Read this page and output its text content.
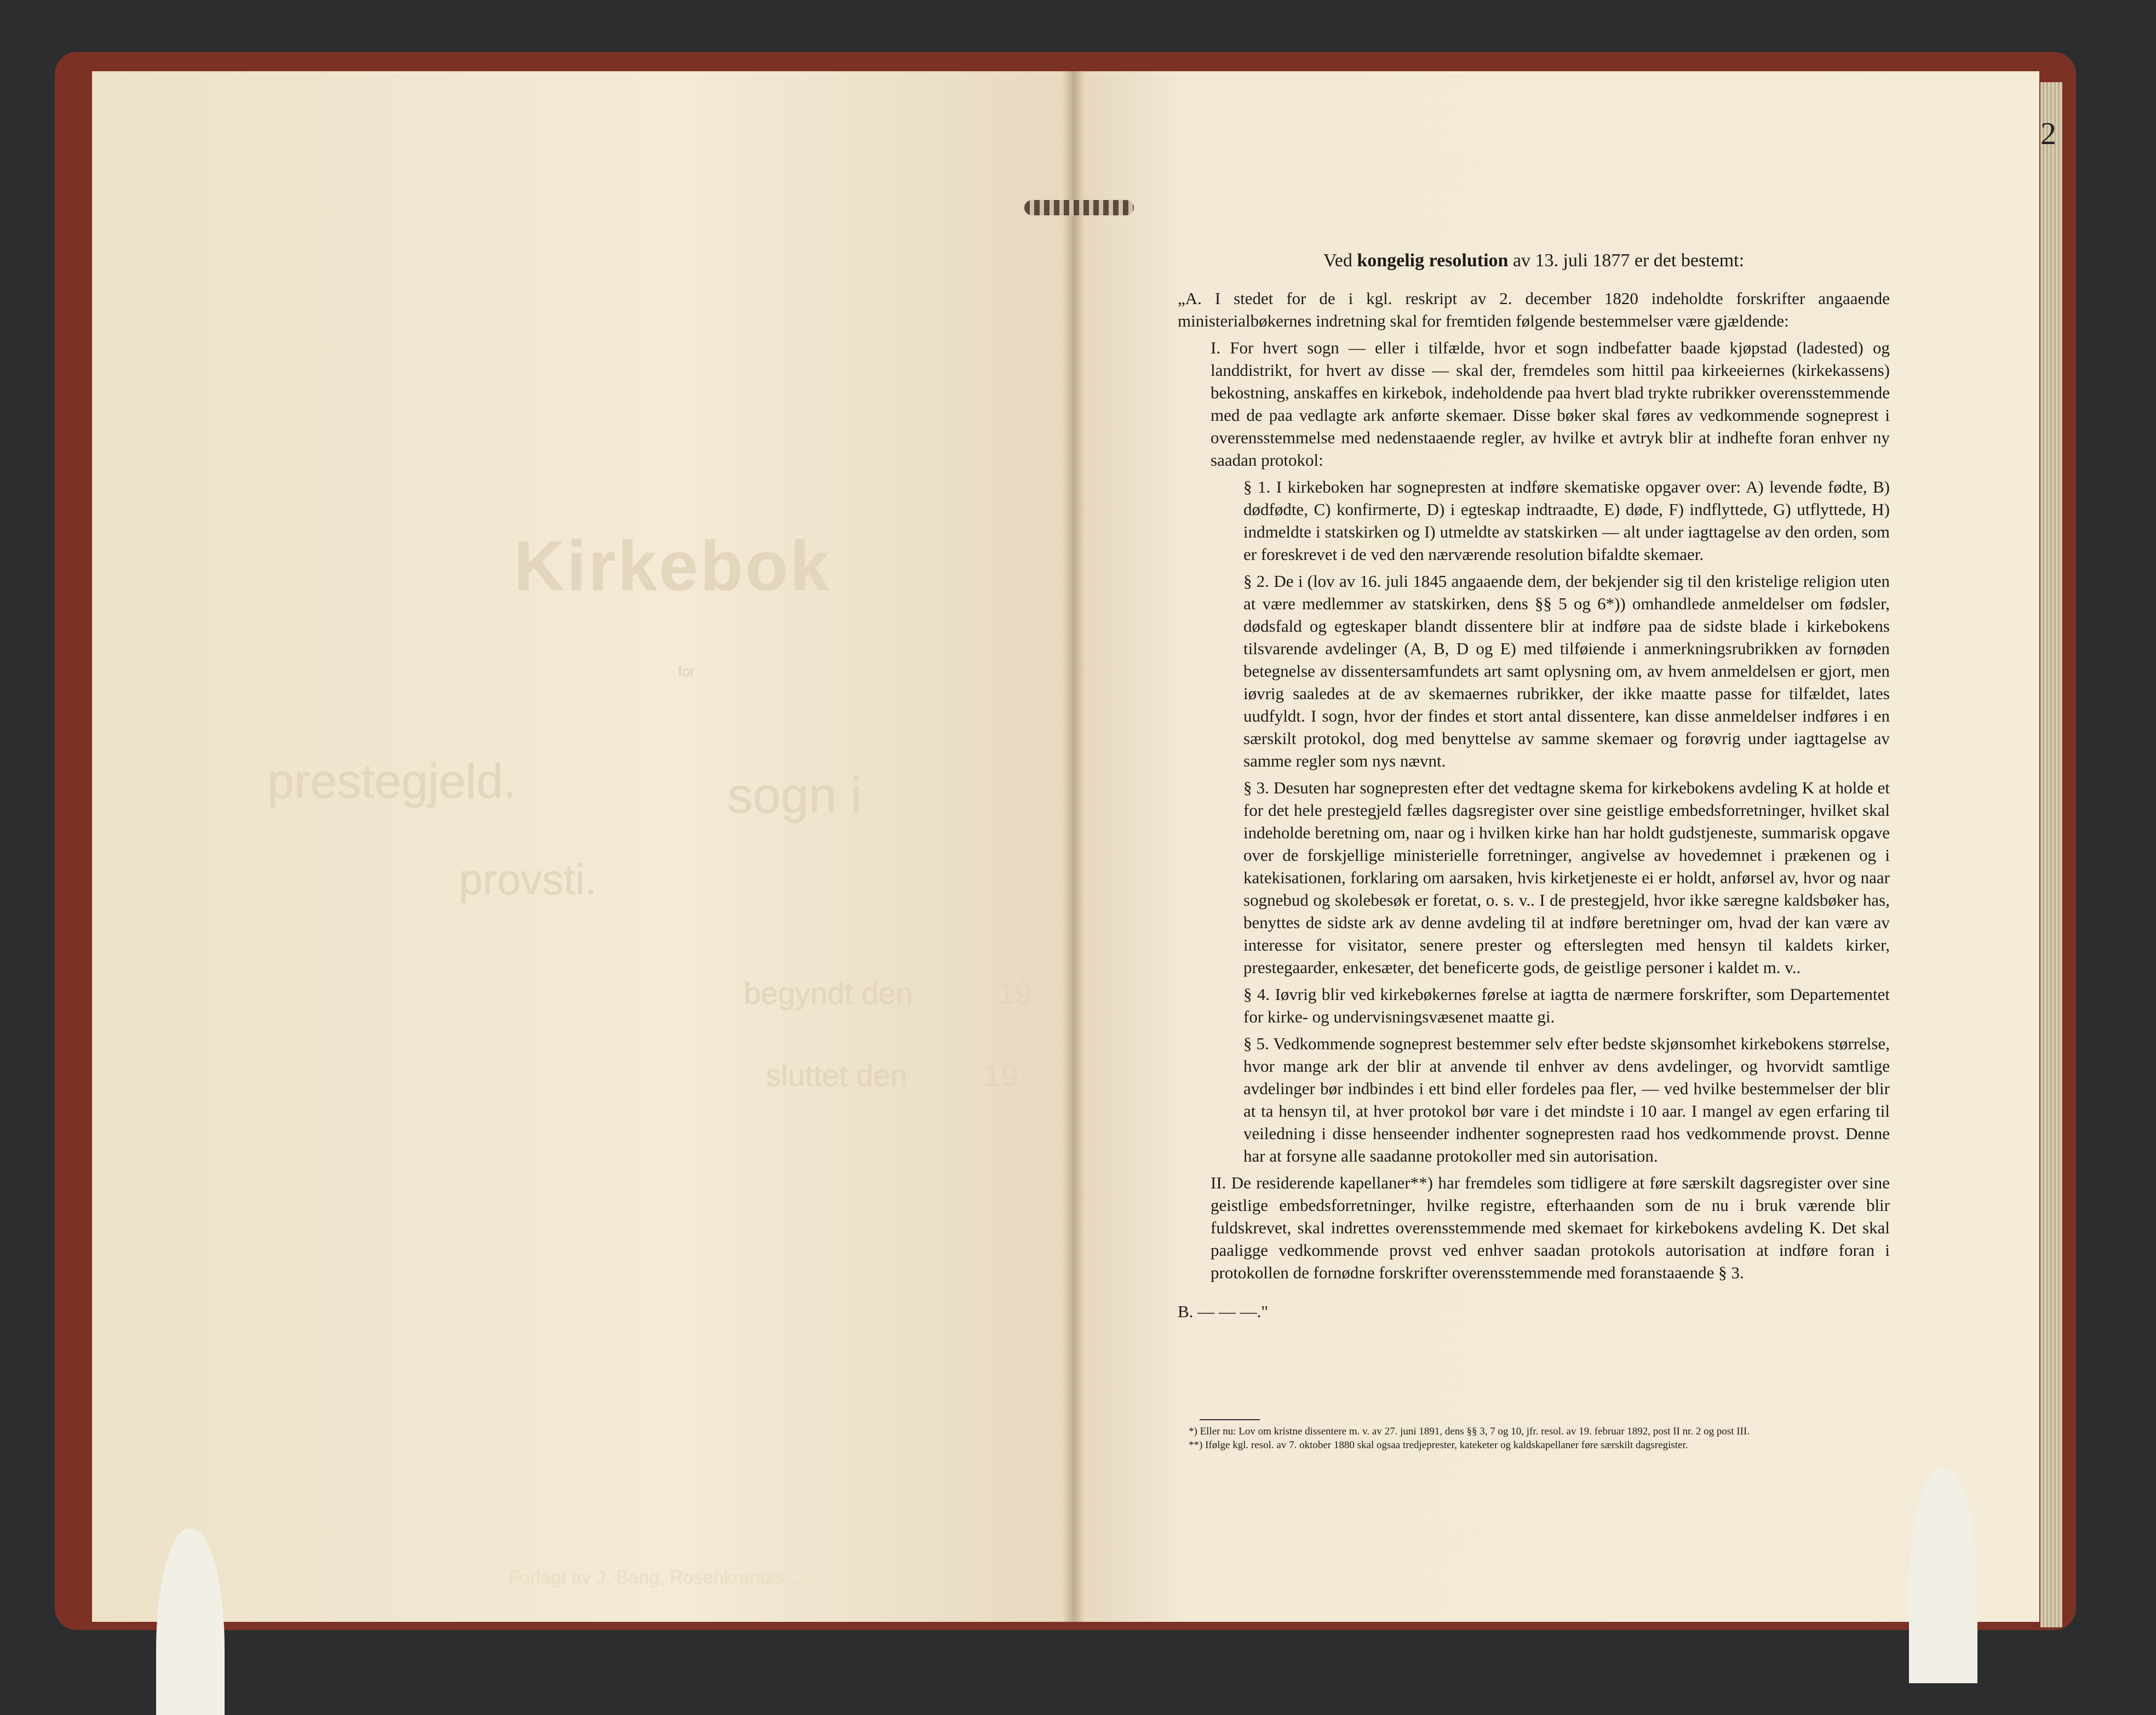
Kirkebok
for
prestegjeld.	sogn i
provsti.
begyndt den	19
sluttet den	19
Forlagt av J. Bang, Rosenkrantzs ...
2

Ved kongelig resolution av 13. juli 1877 er det bestemt:

„A. I stedet for de i kgl. reskript av 2. december 1820 indeholdte forskrifter angaaende ministerialbøkernes indretning skal for fremtiden følgende bestemmelser være gjældende:

I. For hvert sogn — eller i tilfælde, hvor et sogn indbefatter baade kjøpstad (ladested) og landdistrikt, for hvert av disse — skal der, fremdeles som hittil paa kirkeeiernes (kirkekassens) bekostning, anskaffes en kirkebok, indeholdende paa hvert blad trykte rubrikker overensstemmende med de paa vedlagte ark anførte skemaer. Disse bøker skal føres av vedkommende sogneprest i overensstemmelse med nedenstaaende regler, av hvilke et avtryk blir at indhefte foran enhver ny saadan protokol:

§ 1. I kirkeboken har sognepresten at indføre skematiske opgaver over: A) levende fødte, B) dødfødte, C) konfirmerte, D) i egteskap indtraadte, E) døde, F) indflyttede, G) utflyttede, H) indmeldte i statskirken og I) utmeldte av statskirken — alt under iagttagelse av den orden, som er foreskrevet i de ved den nærværende resolution bifaldte skemaer.

§ 2. De i (lov av 16. juli 1845 angaaende dem, der bekjender sig til den kristelige religion uten at være medlemmer av statskirken, dens §§ 5 og 6*)) omhandlede anmeldelser om fødsler, dødsfald og egteskaper blandt dissentere blir at indføre paa de sidste blade i kirkebokens tilsvarende avdelinger (A, B, D og E) med tilføiende i anmerkningsrubrikken av fornøden betegnelse av dissentersamfundets art samt oplysning om, av hvem anmeldelsen er gjort, men iøvrig saaledes at de av skemaernes rubrikker, der ikke maatte passe for tilfældet, lates uudfyldt. I sogn, hvor der findes et stort antal dissentere, kan disse anmeldelser indføres i en særskilt protokol, dog med benyttelse av samme skemaer og forøvrig under iagttagelse av samme regler som nys nævnt.

§ 3. Desuten har sognepresten efter det vedtagne skema for kirkebokens avdeling K at holde et for det hele prestegjeld fælles dagsregister over sine geistlige embedsforretninger, hvilket skal indeholde beretning om, naar og i hvilken kirke han har holdt gudstjeneste, summarisk opgave over de forskjellige ministerielle forretninger, angivelse av hovedemnet i prækenen og i katekisationen, forklaring om aarsaken, hvis kirketjeneste ei er holdt, anførsel av, hvor og naar sognebud og skolebesøk er foretat, o. s. v.. I de prestegjeld, hvor ikke særegne kaldsbøker has, benyttes de sidste ark av denne avdeling til at indføre beretninger om, hvad der kan være av interesse for visitator, senere prester og efterslegten med hensyn til kaldets kirker, prestegaarder, enkesæter, det beneficerte gods, de geistlige personer i kaldet m. v..

§ 4. Iøvrig blir ved kirkebøkernes førelse at iagtta de nærmere forskrifter, som Departementet for kirke- og undervisningsvæsenet maatte gi.

§ 5. Vedkommende sogneprest bestemmer selv efter bedste skjønsomhet kirkebokens størrelse, hvor mange ark der blir at anvende til enhver av dens avdelinger, og hvorvidt samtlige avdelinger bør indbindes i ett bind eller fordeles paa fler, — ved hvilke bestemmelser der blir at ta hensyn til, at hver protokol bør vare i det mindste i 10 aar. I mangel av egen erfaring til veiledning i disse henseender indhenter sognepresten raad hos vedkommende provst. Denne har at forsyne alle saadanne protokoller med sin autorisation.

II. De residerende kapellaner**) har fremdeles som tidligere at føre særskilt dagsregister over sine geistlige embedsforretninger, hvilke registre, efterhaanden som de nu i bruk værende blir fuldskrevet, skal indrettes overensstemmende med skemaet for kirkebokens avdeling K. Det skal paaligge vedkommende provst ved enhver saadan protokols autorisation at indføre foran i protokollen de fornødne forskrifter overensstemmende med foranstaaende § 3.

B. — — —."

*) Eller nu: Lov om kristne dissentere m. v. av 27. juni 1891, dens §§ 3, 7 og 10, jfr. resol. av 19. februar 1892, post II nr. 2 og post III.
**) Ifølge kgl. resol. av 7. oktober 1880 skal ogsaa tredjeprester, kateketer og kaldskapellaner føre særskilt dagsregister.
